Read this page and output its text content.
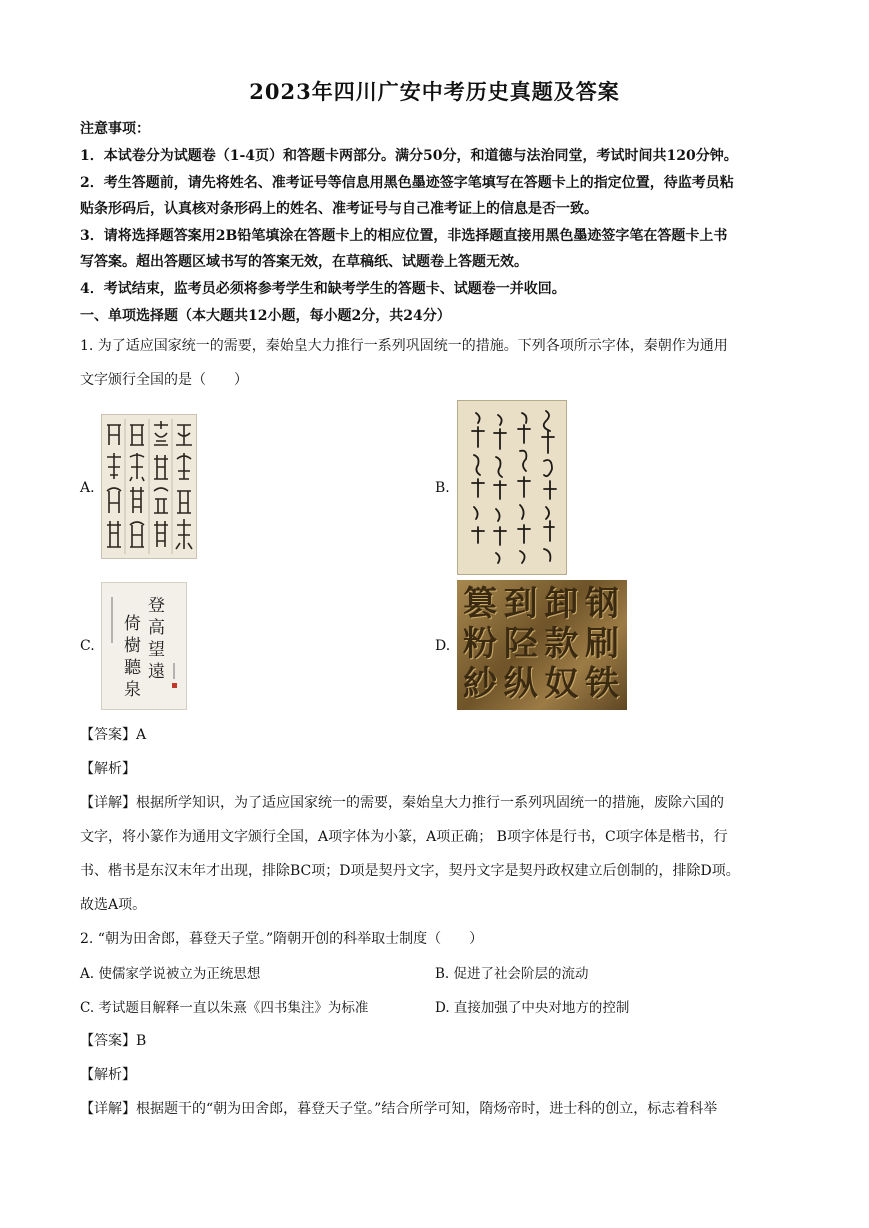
2023年四川广安中考历史真题及答案
注意事项：
1．本试卷分为试题卷（1-4页）和答题卡两部分。满分50分，和道德与法治同堂，考试时间共120分钟。
2．考生答题前，请先将姓名、准考证号等信息用黑色墨迹签字笔填写在答题卡上的指定位置，待监考员粘
贴条形码后，认真核对条形码上的姓名、准考证号与自己准考证上的信息是否一致。
3．请将选择题答案用2B铅笔填涂在答题卡上的相应位置，非选择题直接用黑色墨迹签字笔在答题卡上书
写答案。超出答题区域书写的答案无效，在草稿纸、试题卷上答题无效。
4．考试结束，监考员必须将参考学生和缺考学生的答题卡、试题卷一并收回。
一、单项选择题（本大题共12小题，每小题2分，共24分）
1. 为了适应国家统一的需要，秦始皇大力推行一系列巩固统一的措施。下列各项所示字体，秦朝作为通用
文字颁行全国的是（　　）
A.	B.
C.
登高望遠
倚樹聽泉
D.
钢刷铁
卸款奴
到陉纵
篡粉紗
【答案】A
【解析】
【详解】根据所学知识，为了适应国家统一的需要，秦始皇大力推行一系列巩固统一的措施，废除六国的
文字，将小篆作为通用文字颁行全国，A项字体为小篆，A项正确； B项字体是行书，C项字体是楷书，行
书、楷书是东汉末年才出现，排除BC项；D项是契丹文字，契丹文字是契丹政权建立后创制的，排除D项。
故选A项。
2. “朝为田舍郎，暮登天子堂。”隋朝开创的科举取士制度（　　）
A. 使儒家学说被立为正统思想	B. 促进了社会阶层的流动
C. 考试题目解释一直以朱熹《四书集注》为标准	D. 直接加强了中央对地方的控制
【答案】B
【解析】
【详解】根据题干的“朝为田舍郎，暮登天子堂。”结合所学可知，隋炀帝时，进士科的创立，标志着科举
